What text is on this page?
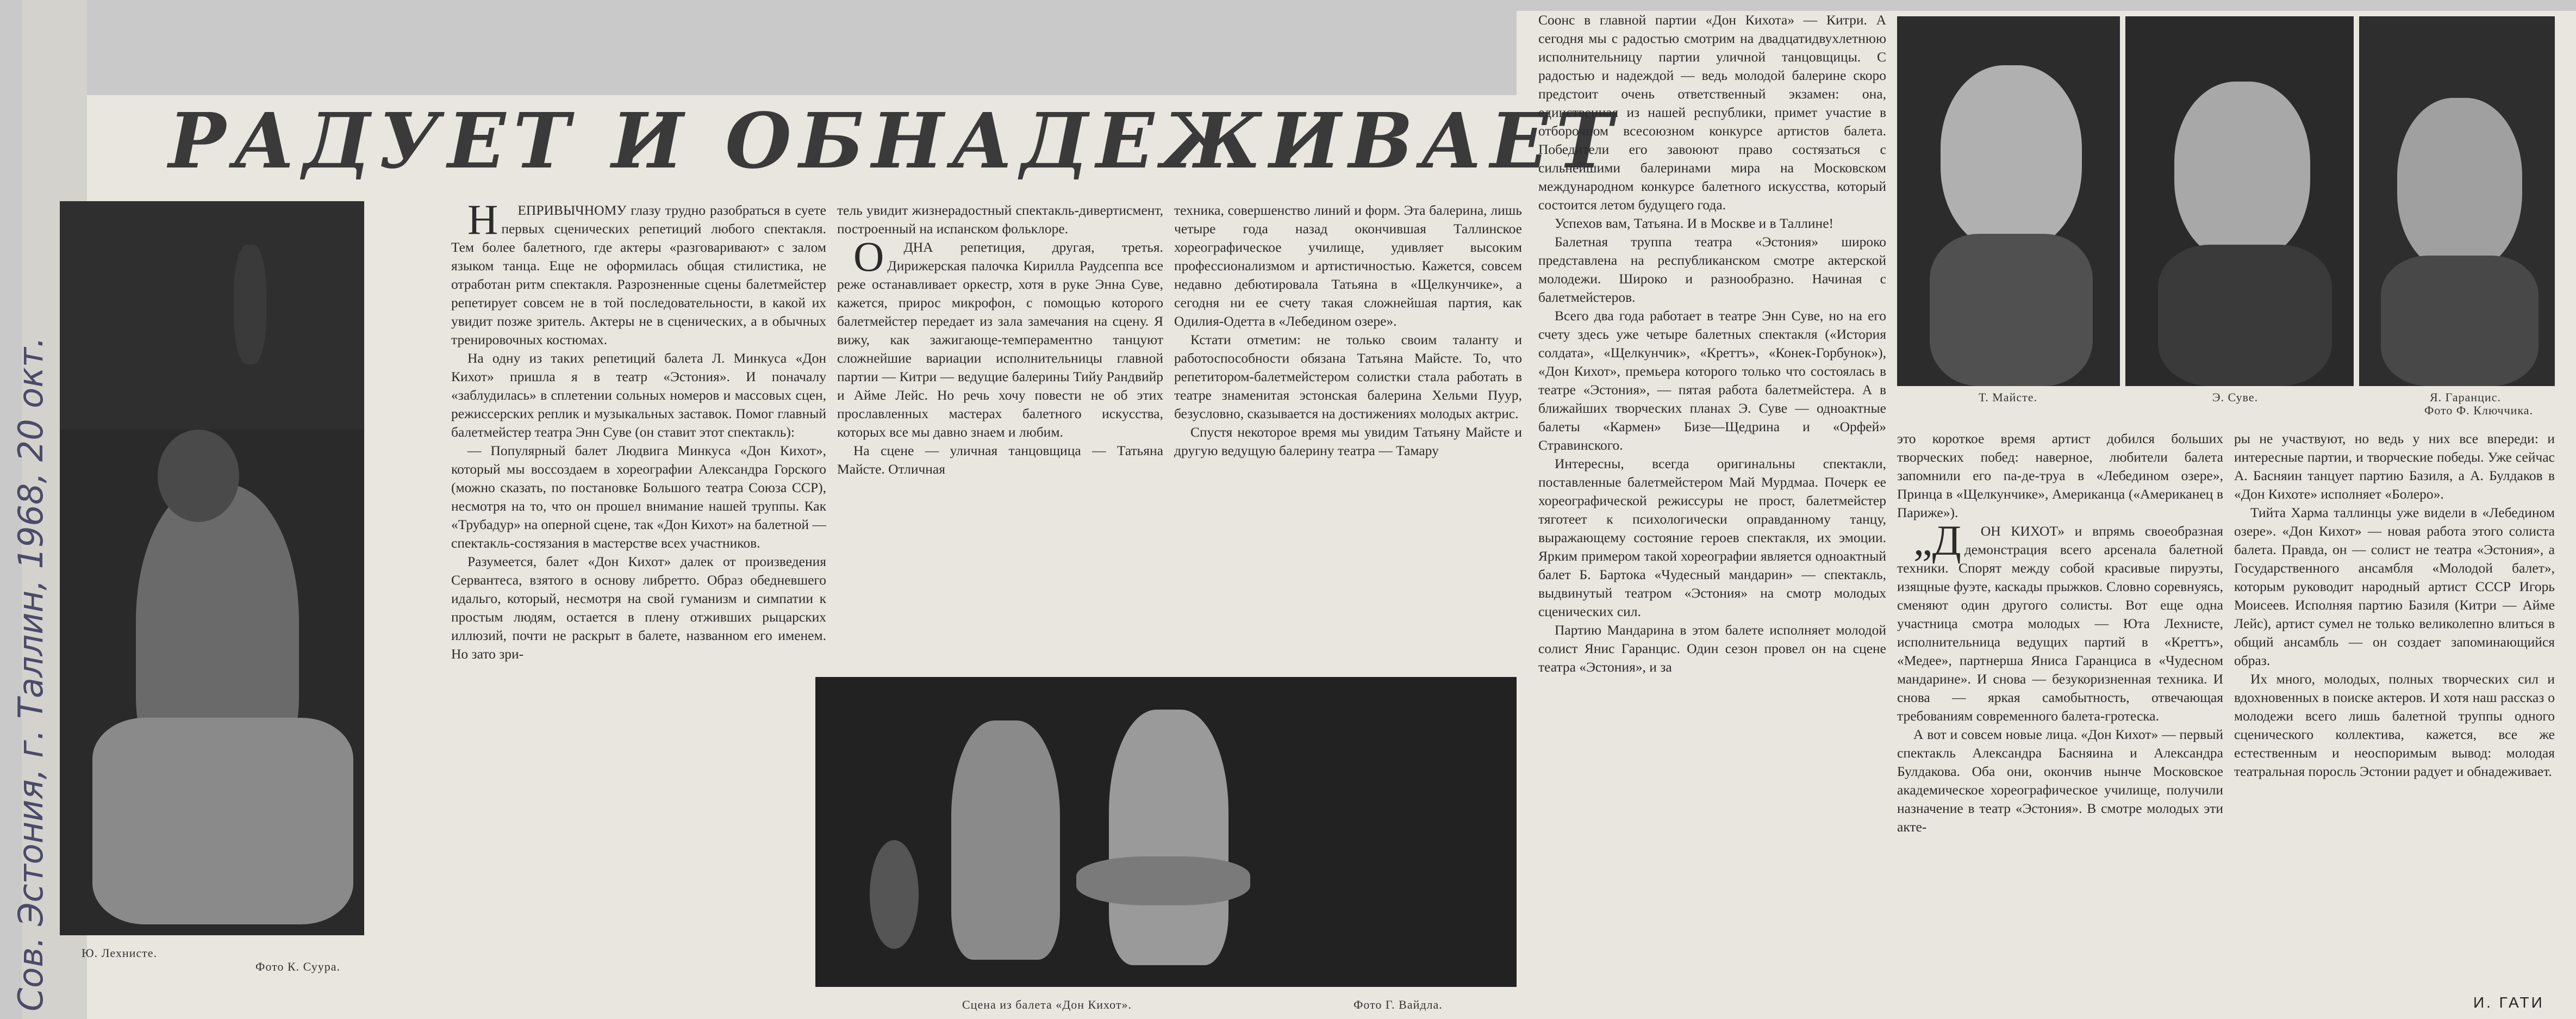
РАДУЕТ И ОБНАДЕЖИВАЕТ
Ю. Лехнисте.
Фото К. Суура.

НЕПРИВЫЧНОМУ глазу трудно разобраться в суете первых сценических репетиций любого спектакля. Тем более балетного, где актеры «разговаривают» с залом языком танца. Еще не оформилась общая стилистика, не отработан ритм спектакля. Разрозненные сцены балетмейстер репетирует совсем не в той последовательности, в какой их увидит позже зритель. Актеры не в сценических, а в обычных тренировочных костюмах.

На одну из таких репетиций балета Л. Минкуса «Дон Кихот» пришла я в театр «Эстония». И поначалу «заблудилась» в сплетении сольных номеров и массовых сцен, режиссерских реплик и музыкальных заставок. Помог главный балетмейстер театра Энн Суве (он ставит этот спектакль):

— Популярный балет Людвига Минкуса «Дон Кихот», который мы воссоздаем в хореографии Александра Горского (можно сказать, по постановке Большого театра Союза ССР), несмотря на то, что он прошел внимание нашей труппы. Как «Трубадур» на оперной сцене, так «Дон Кихот» на балетной — спектакль-состязания в мастерстве всех участников.

Разумеется, балет «Дон Кихот» далек от произведения Сервантеса, взятого в основу либретто. Образ обедневшего идальго, который, несмотря на свой гуманизм и симпатии к простым людям, остается в плену отживших рыцарских иллюзий, почти не раскрыт в балете, названном его именем. Но зато зри-

тель увидит жизнерадостный спектакль-дивертисмент, построенный на испанском фольклоре.

ОДНА репетиция, другая, третья. Дирижерская палочка Кирилла Раудсеппа все реже останавливает оркестр, хотя в руке Энна Суве, кажется, прирос микрофон, с помощью которого балетмейстер передает из зала замечания на сцену. Я вижу, как зажигающе-темпераментно танцуют сложнейшие вариации исполнительницы главной партии — Китри — ведущие балерины Тийу Рандвийр и Айме Лейс. Но речь хочу повести не об этих прославленных мастерах балетного искусства, которых все мы давно знаем и любим.

На сцене — уличная танцовщица — Татьяна Майсте. Отличная

техника, совершенство линий и форм. Эта балерина, лишь четыре года назад окончившая Таллинское хореографическое училище, удивляет высоким профессионализмом и артистичностью. Кажется, совсем недавно дебютировала Татьяна в «Щелкунчике», а сегодня ни ее счету такая сложнейшая партия, как Одилия-Одетта в «Лебедином озере».

Кстати отметим: не только своим таланту и работоспособности обязана Татьяна Майсте. То, что репетитором-балетмейстером солистки стала работать в театре знаменитая эстонская балерина Хельми Пуур, безусловно, сказывается на достижениях молодых актрис.

Спустя некоторое время мы увидим Татьяну Майсте и другую ведущую балерину театра — Тамару

Сцена из балета «Дон Кихот».	Фото Г. Вайдла.

Соонс в главной партии «Дон Кихота» — Китри. А сегодня мы с радостью смотрим на двадцатидвухлетнюю исполнительницу партии уличной танцовщицы. С радостью и надеждой — ведь молодой балерине скоро предстоит очень ответственный экзамен: она, единственная из нашей республики, примет участие в отборочном всесоюзном конкурсе артистов балета. Победители его завоюют право состязаться с сильнейшими балеринами мира на Московском международном конкурсе балетного искусства, который состоится летом будущего года.

Успехов вам, Татьяна. И в Москве и в Таллине!

Балетная труппа театра «Эстония» широко представлена на республиканском смотре актерской молодежи. Широко и разнообразно. Начиная с балетмейстеров.

Всего два года работает в театре Энн Суве, но на его счету здесь уже четыре балетных спектакля («История солдата», «Щелкунчик», «Креттъ», «Конек-Горбунок»), «Дон Кихот», премьера которого только что состоялась в театре «Эстония», — пятая работа балетмейстера. А в ближайших творческих планах Э. Суве — одноактные балеты «Кармен» Бизе—Щедрина и «Орфей» Стравинского.

Интересны, всегда оригинальны спектакли, поставленные балетмейстером Май Мурдмаа. Почерк ее хореографической режиссуры не прост, балетмейстер тяготеет к психологически оправданному танцу, выражающему состояние героев спектакля, их эмоции. Ярким примером такой хореографии является одноактный балет Б. Бартока «Чудесный мандарин» — спектакль, выдвинутый театром «Эстония» на смотр молодых сценических сил.

Партию Мандарина в этом балете исполняет молодой солист Янис Гаранцис. Один сезон провел он на сцене театра «Эстония», и за

Т. Майсте.	Э. Суве.	Я. Гаранцис.
Фото Ф. Ключчика.

это короткое время артист добился больших творческих побед: наверное, любители балета запомнили его па-де-труа в «Лебедином озере», Принца в «Щелкунчике», Американца («Американец в Париже»).

„ДОН КИХОТ» и впрямь своеобразная демонстрация всего арсенала балетной техники. Спорят между собой красивые пируэты, изящные фуэте, каскады прыжков. Словно соревнуясь, сменяют один другого солисты. Вот еще одна участница смотра молодых — Юта Лехнисте, исполнительница ведущих партий в «Креттъ», «Медее», партнерша Яниса Гаранциса в «Чудесном мандарине». И снова — безукоризненная техника. И снова — яркая самобытность, отвечающая требованиям современного балета-гротеска.

А вот и совсем новые лица. «Дон Кихот» — первый спектакль Александра Басняина и Александра Булдакова. Оба они, окончив нынче Московское академическое хореографическое училище, получили назначение в театр «Эстония». В смотре молодых эти акте-

ры не участвуют, но ведь у них все впереди: и интересные партии, и творческие победы. Уже сейчас А. Басняин танцует партию Базиля, а А. Булдаков в «Дон Кихоте» исполняет «Болеро».

Тийта Харма таллинцы уже видели в «Лебедином озере». «Дон Кихот» — новая работа этого солиста балета. Правда, он — солист не театра «Эстония», а Государственного ансамбля «Молодой балет», которым руководит народный артист СССР Игорь Моисеев. Исполняя партию Базиля (Китри — Айме Лейс), артист сумел не только великолепно влиться в общий ансамбль — он создает запоминающийся образ.

Их много, молодых, полных творческих сил и вдохновенных в поиске актеров. И хотя наш рассказ о молодежи всего лишь балетной труппы одного сценического коллектива, кажется, все же естественным и неоспоримым вывод: молодая театральная поросль Эстонии радует и обнадеживает.

И. ГАТИ
Сов. Эстония, г. Таллин, 1968, 20 окт.
